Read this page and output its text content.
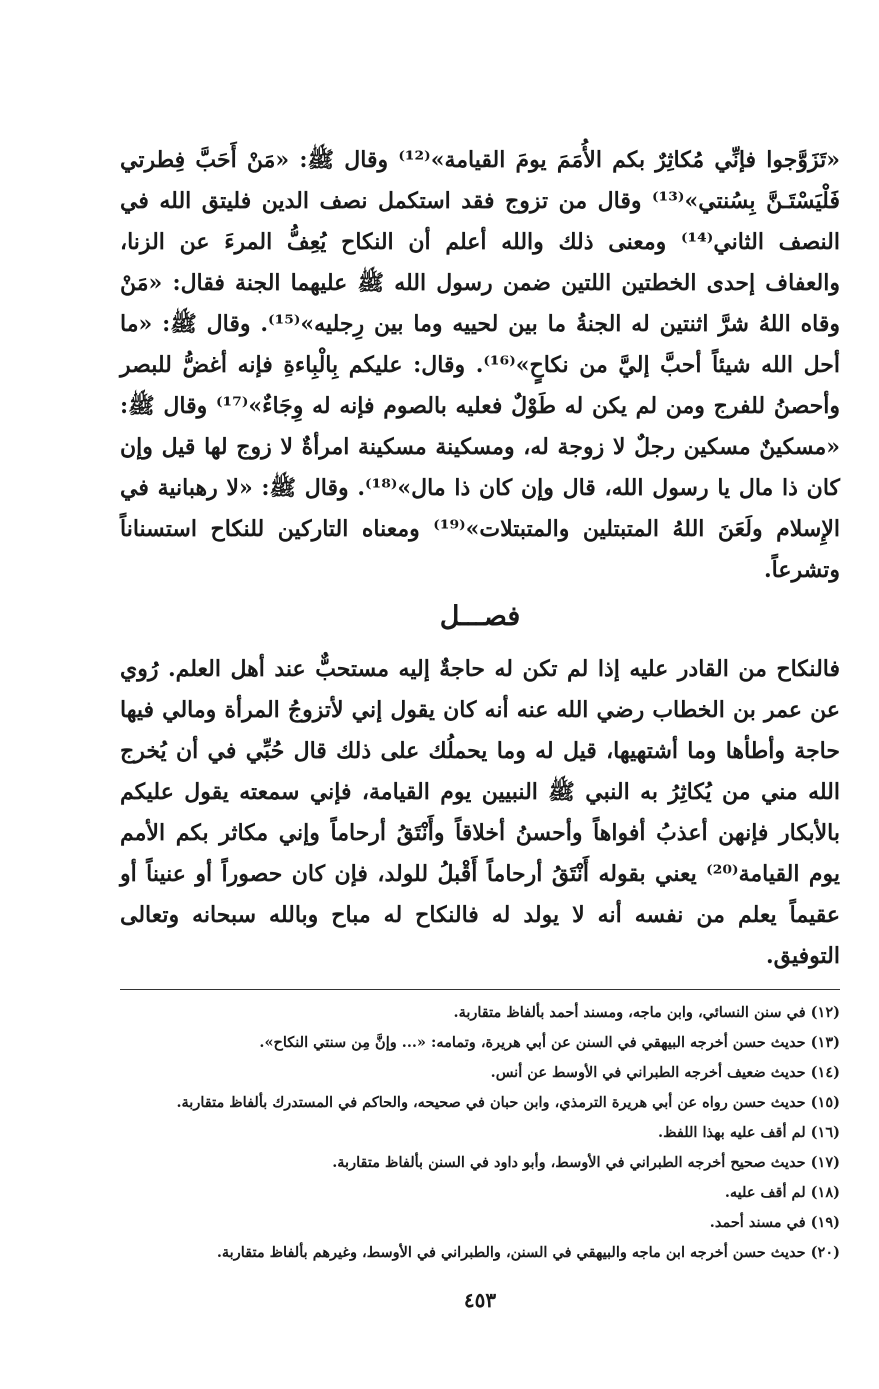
«تَزَوَّجوا فإنِّي مُكاثِرٌ بكم الأُمَمَ يومَ القيامة»⁽¹²⁾ وقال ﷺ: «مَنْ أَحَبَّ فِطرتي فَلْيَسْتَـنَّ بِسُنتي»⁽¹³⁾ وقال من تزوج فقد استكمل نصف الدين فليتق الله في النصف الثاني⁽¹⁴⁾ ومعنى ذلك والله أعلم أن النكاح يُعِفُّ المرءَ عن الزنا، والعفاف إحدى الخطتين اللتين ضمن رسول الله ﷺ عليهما الجنة فقال: «مَنْ وقاه اللهُ شرَّ اثنتين له الجنةُ ما بين لحييه وما بين رِجليه»⁽¹⁵⁾. وقال ﷺ: «ما أحل الله شيئاً أحبَّ إليَّ من نكاحٍ»⁽¹⁶⁾. وقال: عليكم بِالْبِاءةِ فإنه أغضُّ للبصر وأحصنُ للفرج ومن لم يكن له طَوْلٌ فعليه بالصوم فإنه له وِجَاءٌ»⁽¹⁷⁾ وقال ﷺ: «مسكينٌ مسكين رجلٌ لا زوجة له، ومسكينة مسكينة امرأةٌ لا زوج لها قيل وإن كان ذا مال يا رسول الله، قال وإن كان ذا مال»⁽¹⁸⁾. وقال ﷺ: «لا رهبانية في الإِسلام ولَعَنَ اللهُ المتبتلين والمتبتلات»⁽¹⁹⁾ ومعناه التاركين للنكاح استسناناً وتشرعاً.

فصـــل

فالنكاح من القادر عليه إذا لم تكن له حاجةٌ إليه مستحبٌّ عند أهل العلم. رُوي عن عمر بن الخطاب رضي الله عنه أنه كان يقول إني لأتزوجُ المرأة ومالي فيها حاجة وأطأها وما أشتهيها، قيل له وما يحملُك على ذلك قال حُبِّي في أن يُخرج الله مني من يُكاثِرُ به النبي ﷺ النبيين يوم القيامة، فإني سمعته يقول عليكم بالأبكار فإنهن أعذبُ أفواهاً وأحسنُ أخلاقاً وأَنْتَقُ أرحاماً وإني مكاثر بكم الأمم يوم القيامة⁽²⁰⁾ يعني بقوله أَنْتَقُ أرحاماً أَقْبلُ للولد، فإن كان حصوراً أو عنيناً أو عقيماً يعلم من نفسه أنه لا يولد له فالنكاح له مباح وبالله سبحانه وتعالى التوفيق.

(١٢) في سنن النسائي، وابن ماجه، ومسند أحمد بألفاظ متقاربة.
(١٣) حديث حسن أخرجه البيهقي في السنن عن أبي هريرة، وتمامه: «... وإنَّ مِن سنتي النكاح».
(١٤) حديث ضعيف أخرجه الطبراني في الأوسط عن أنس.
(١٥) حديث حسن رواه عن أبي هريرة الترمذي، وابن حبان في صحيحه، والحاكم في المستدرك بألفاظ متقاربة.
(١٦) لم أقف عليه بهذا اللفظ.
(١٧) حديث صحيح أخرجه الطبراني في الأوسط، وأبو داود في السنن بألفاظ متقاربة.
(١٨) لم أقف عليه.
(١٩) في مسند أحمد.
(٢٠) حديث حسن أخرجه ابن ماجه والبيهقي في السنن، والطبراني في الأوسط، وغيرهم بألفاظ متقاربة.
٤٥٣
